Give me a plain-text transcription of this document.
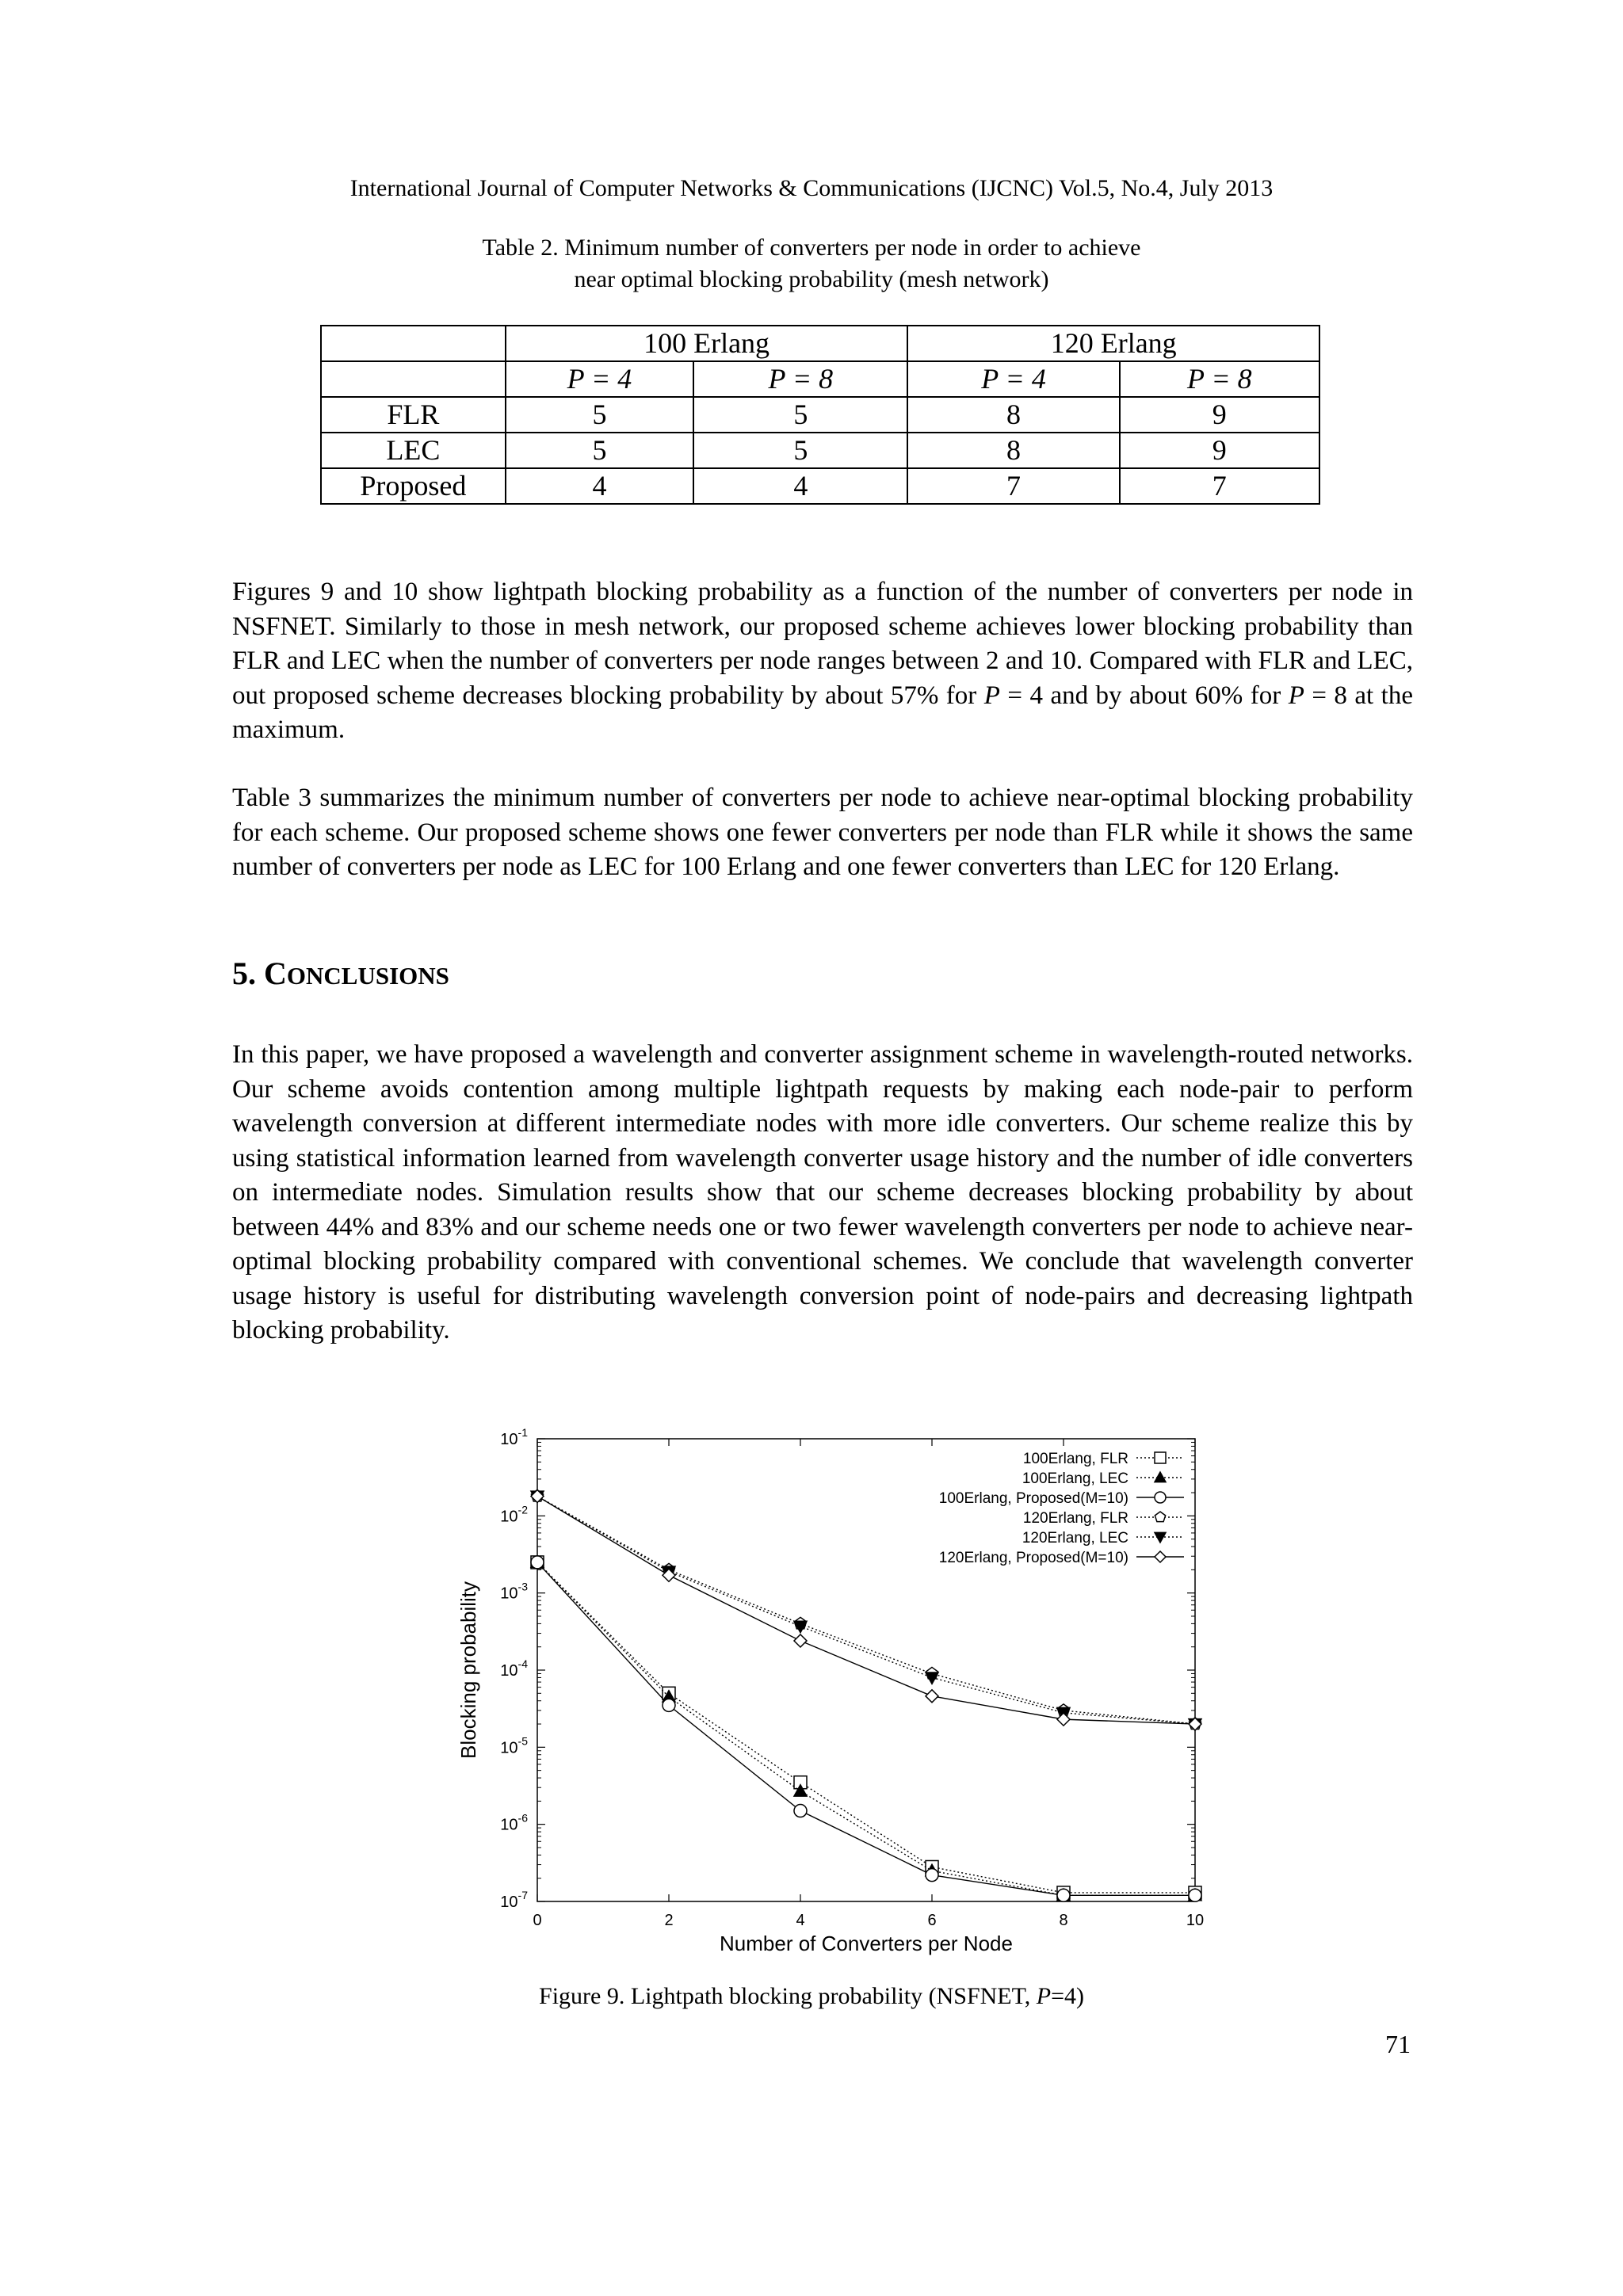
International Journal of Computer Networks & Communications (IJCNC) Vol.5, No.4, July 2013
Table 2. Minimum number of converters per node in order to achieve
near optimal blocking probability (mesh network)
	100 Erlang		120 Erlang	
	P = 4	P = 8	P = 4	P = 8
FLR	5	5	8	9
LEC	5	5	8	9
Proposed	4	4	7	7
Figures 9 and 10 show lightpath blocking probability as a function of the number of converters per node in NSFNET. Similarly to those in mesh network, our proposed scheme achieves lower blocking probability than FLR and LEC when the number of converters per node ranges between 2 and 10. Compared with FLR and LEC, out proposed scheme decreases blocking probability by about 57% for P = 4 and by about 60% for P = 8 at the maximum.
Table 3 summarizes the minimum number of converters per node to achieve near-optimal blocking probability for each scheme. Our proposed scheme shows one fewer converters per node than FLR while it shows the same number of converters per node as LEC for 100 Erlang and one fewer converters than LEC for 120 Erlang.
5. CONCLUSIONS
In this paper, we have proposed a wavelength and converter assignment scheme in wavelength-routed networks. Our scheme avoids contention among multiple lightpath requests by making each node-pair to perform wavelength conversion at different intermediate nodes with more idle converters. Our scheme realize this by using statistical information learned from wavelength converter usage history and the number of idle converters on intermediate nodes. Simulation results show that our scheme decreases blocking probability by about between 44% and 83% and our scheme needs one or two fewer wavelength converters per node to achieve near-optimal blocking probability compared with conventional schemes. We conclude that wavelength converter usage history is useful for distributing wavelength conversion point of node-pairs and decreasing lightpath blocking probability.
0	2	4	6	8	10
$10^{-1}$
$10^{-2}$
$10^{-3}$
$10^{-4}$
$10^{-5}$
$10^{-6}$
$10^{-7}$
Number of Converters per Node
Blocking probability
100Erlang, FLR
100Erlang, LEC
100Erlang, Proposed(M=10)
120Erlang, FLR
120Erlang, LEC
120Erlang, Proposed(M=10)
Figure 9. Lightpath blocking probability (NSFNET, P=4)
71
